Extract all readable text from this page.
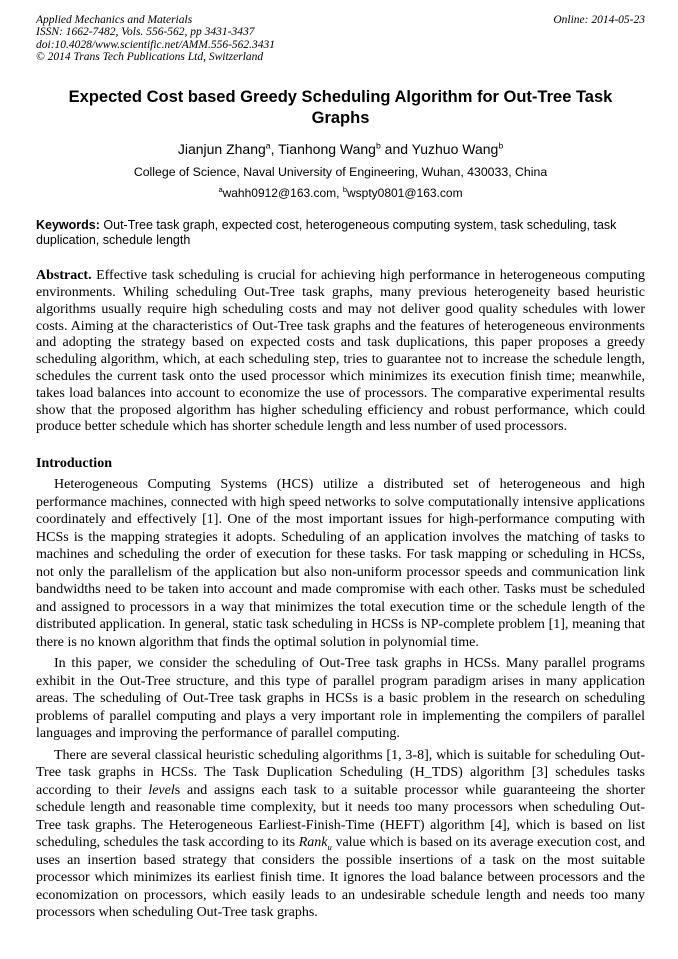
Applied Mechanics and Materials
ISSN: 1662-7482, Vols. 556-562, pp 3431-3437
doi:10.4028/www.scientific.net/AMM.556-562.3431
© 2014 Trans Tech Publications Ltd, Switzerland
Online: 2014-05-23
Expected Cost based Greedy Scheduling Algorithm for Out-Tree Task Graphs
Jianjun Zhang$^a$, Tianhong Wang$^b$ and Yuzhuo Wang$^b$
College of Science, Naval University of Engineering, Wuhan, 430033, China
$^a$wahh0912@163.com, $^b$wspty0801@163.com

Keywords: Out-Tree task graph, expected cost, heterogeneous computing system, task scheduling, task duplication, schedule length

Abstract. Effective task scheduling is crucial for achieving high performance in heterogeneous computing environments. Whiling scheduling Out-Tree task graphs, many previous heterogeneity based heuristic algorithms usually require high scheduling costs and may not deliver good quality schedules with lower costs. Aiming at the characteristics of Out-Tree task graphs and the features of heterogeneous environments and adopting the strategy based on expected costs and task duplications, this paper proposes a greedy scheduling algorithm, which, at each scheduling step, tries to guarantee not to increase the schedule length, schedules the current task onto the used processor which minimizes its execution finish time; meanwhile, takes load balances into account to economize the use of processors. The comparative experimental results show that the proposed algorithm has higher scheduling efficiency and robust performance, which could produce better schedule which has shorter schedule length and less number of used processors.

Introduction

Heterogeneous Computing Systems (HCS) utilize a distributed set of heterogeneous and high performance machines, connected with high speed networks to solve computationally intensive applications coordinately and effectively [1]. One of the most important issues for high-performance computing with HCSs is the mapping strategies it adopts. Scheduling of an application involves the matching of tasks to machines and scheduling the order of execution for these tasks. For task mapping or scheduling in HCSs, not only the parallelism of the application but also non-uniform processor speeds and communication link bandwidths need to be taken into account and made compromise with each other. Tasks must be scheduled and assigned to processors in a way that minimizes the total execution time or the schedule length of the distributed application. In general, static task scheduling in HCSs is NP-complete problem [1], meaning that there is no known algorithm that finds the optimal solution in polynomial time.

In this paper, we consider the scheduling of Out-Tree task graphs in HCSs. Many parallel programs exhibit in the Out-Tree structure, and this type of parallel program paradigm arises in many application areas. The scheduling of Out-Tree task graphs in HCSs is a basic problem in the research on scheduling problems of parallel computing and plays a very important role in implementing the compilers of parallel languages and improving the performance of parallel computing.

There are several classical heuristic scheduling algorithms [1, 3-8], which is suitable for scheduling Out-Tree task graphs in HCSs. The Task Duplication Scheduling (H_TDS) algorithm [3] schedules tasks according to their levels and assigns each task to a suitable processor while guaranteeing the shorter schedule length and reasonable time complexity, but it needs too many processors when scheduling Out-Tree task graphs. The Heterogeneous Earliest-Finish-Time (HEFT) algorithm [4], which is based on list scheduling, schedules the task according to its Rank$_u$ value which is based on its average execution cost, and uses an insertion based strategy that considers the possible insertions of a task on the most suitable processor which minimizes its earliest finish time. It ignores the load balance between processors and the economization on processors, which easily leads to an undesirable schedule length and needs too many processors when scheduling Out-Tree task graphs.
